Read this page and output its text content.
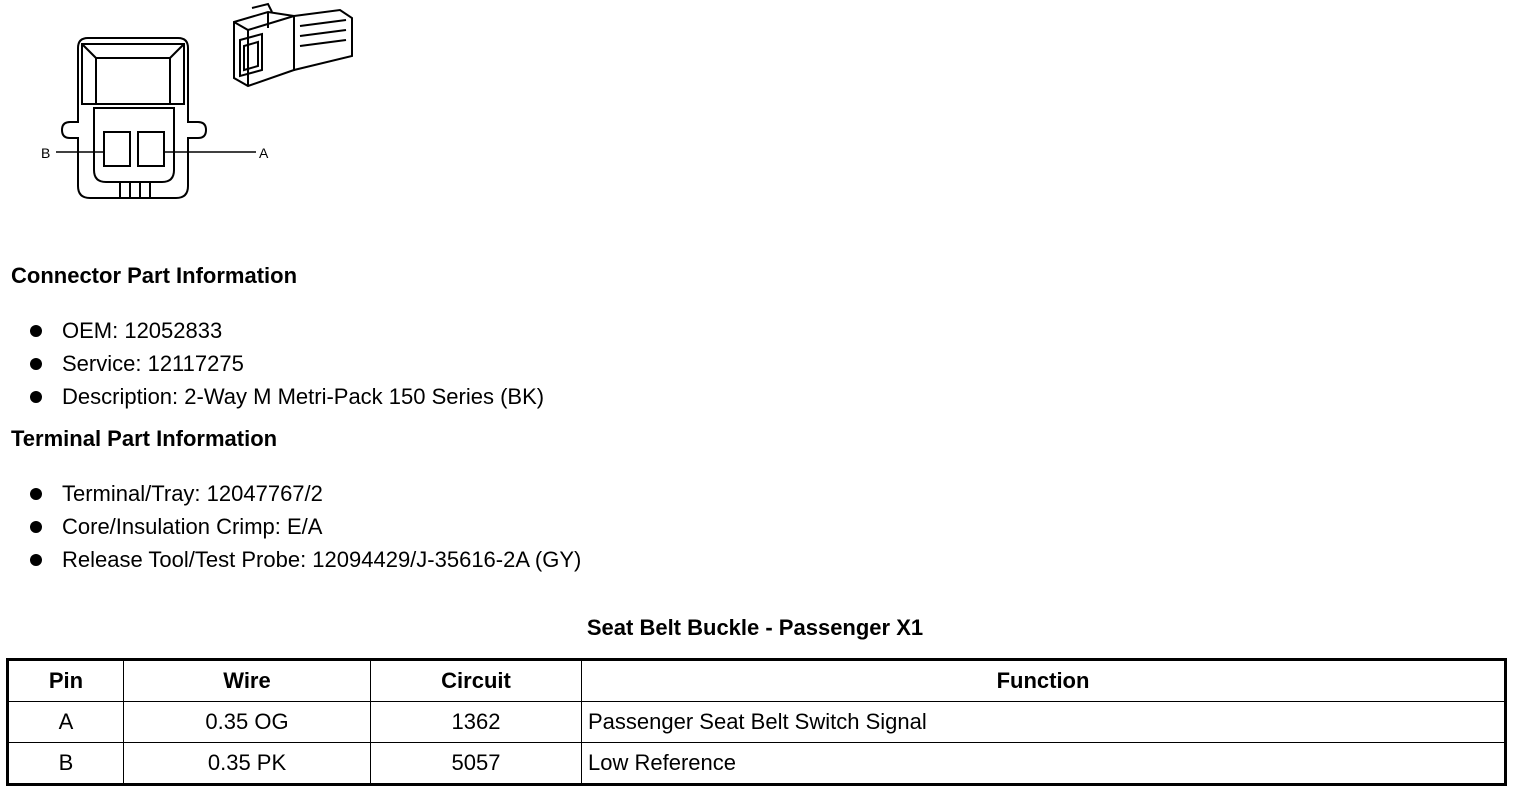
B	A
Connector Part Information
OEM: 12052833
Service: 12117275
Description: 2-Way M Metri-Pack 150 Series (BK)
Terminal Part Information
Terminal/Tray: 12047767/2
Core/Insulation Crimp: E/A
Release Tool/Test Probe: 12094429/J-35616-2A (GY)
Seat Belt Buckle - Passenger X1
Pin	Wire	Circuit	Function
A	0.35 OG	1362	Passenger Seat Belt Switch Signal
B	0.35 PK	5057	Low Reference
